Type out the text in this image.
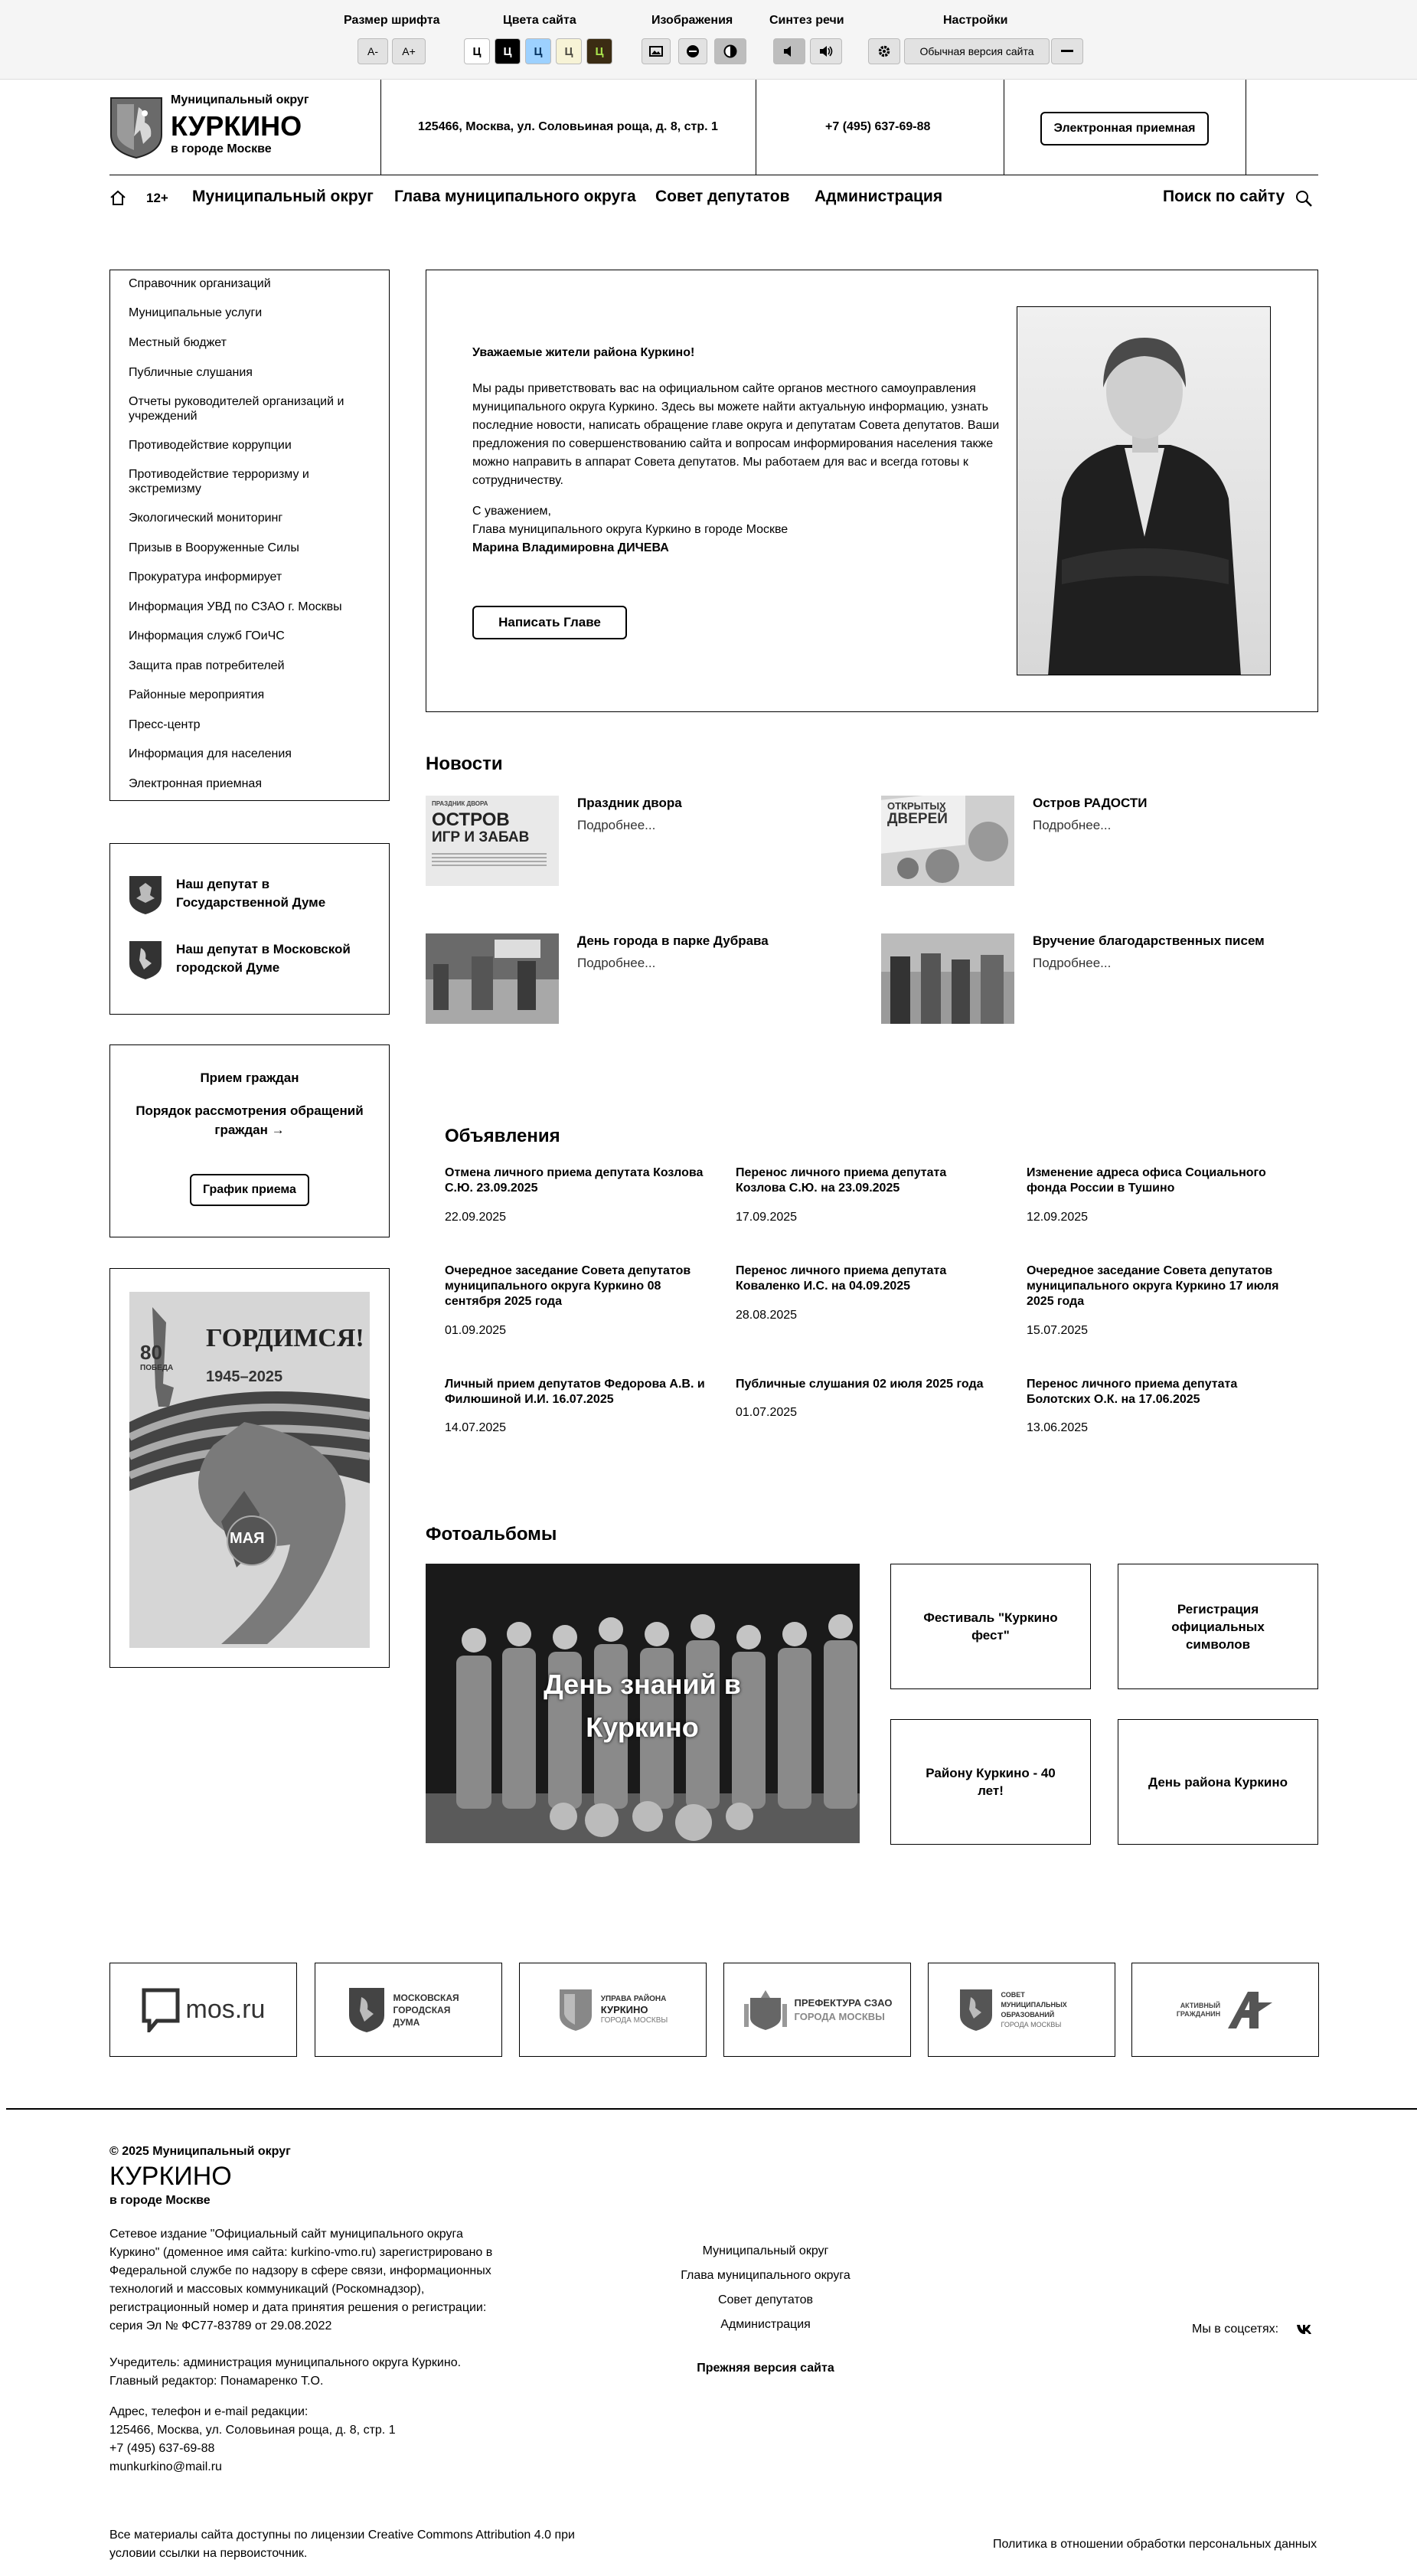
Размер шрифта
А-	А+
Цвета сайта
Ц	Ц	Ц	Ц	Ц
Изображения	Синтез речи	Настройки
Обычная версия сайта
Муниципальный округ
КУРКИНО
в городе Москве
125466, Москва, ул. Соловьиная роща, д. 8, стр. 1	+7 (495) 637-69-88	Электронная приемная
12+ Муниципальный округ Глава муниципального округа Совет депутатов Администрация	Поиск по сайту
Справочник организаций
Муниципальные услуги
Местный бюджет
Публичные слушания
Отчеты руководителей организаций и учреждений
Противодействие коррупции
Противодействие терроризму и экстремизму
Экологический мониторинг
Призыв в Вооруженные Силы
Прокуратура информирует
Информация УВД по СЗАО г. Москвы
Информация служб ГОиЧС
Защита прав потребителей
Районные мероприятия
Пресс-центр
Информация для населения
Электронная приемная
Наш депутат в Государственной Думе
Наш депутат в Московской городской Думе
Прием граждан
Порядок рассмотрения обращений граждан →
График приема
ГОРДИМСЯ!
1945–2025
80
ПОБЕДА
МАЯ
Уважаемые жители района Куркино!
Мы рады приветствовать вас на официальном сайте органов местного самоуправления муниципального округа Куркино. Здесь вы можете найти актуальную информацию, узнать последние новости, написать обращение главе округа и депутатам Совета депутатов. Ваши предложения по совершенствованию сайта и вопросам информирования населения также можно направить в аппарат Совета депутатов. Мы работаем для вас и всегда готовы к сотрудничеству.
С уважением,
Глава муниципального округа Куркино в городе Москве
Марина Владимировна ДИЧЕВА
Написать Главе
Новости
ПРАЗДНИК ДВОРА
ОСТРОВ
ИГР И ЗАБАВ
Праздник двора
Подробнее...
ОТКРЫТЫХ
ДВЕРЕЙ
Остров РАДОСТИ
Подробнее...
День города в парке Дубрава
Подробнее...
Вручение благодарственных писем
Подробнее...
Объявления
Отмена личного приема депутата Козлова С.Ю. 23.09.2025
22.09.2025
Перенос личного приема депутата Козлова С.Ю. на 23.09.2025
17.09.2025
Изменение адреса офиса Социального фонда России в Тушино
12.09.2025
Очередное заседание Совета депутатов муниципального округа Куркино 08 сентября 2025 года
01.09.2025
Перенос личного приема депутата Коваленко И.С. на 04.09.2025
28.08.2025
Очередное заседание Совета депутатов муниципального округа Куркино 17 июля 2025 года
15.07.2025
Личный прием депутатов Федорова А.В. и Филюшиной И.И. 16.07.2025
14.07.2025
Публичные слушания 02 июля 2025 года
01.07.2025
Перенос личного приема депутата Болотских О.К. на 17.06.2025
13.06.2025
Фотоальбомы
День знаний в Куркино
Фестиваль "Куркино фест"
Регистрация официальных символов
Району Куркино - 40 лет!
День района Куркино
mos.ru	МОСКОВСКАЯ ГОРОДСКАЯ ДУМА
УПРАВА РАЙОНА
КУРКИНО
ГОРОДА МОСКВЫ
ПРЕФЕКТУРА СЗАО
ГОРОДА МОСКВЫ
СОВЕТ МУНИЦИПАЛЬНЫХ ОБРАЗОВАНИЙ
ГОРОДА МОСКВЫ
АКТИВНЫЙ
ГРАЖДАНИН
© 2025 Муниципальный округ
КУРКИНО
в городе Москве
Сетевое издание "Официальный сайт муниципального округа Куркино" (доменное имя сайта: kurkino-vmo.ru) зарегистрировано в Федеральной службе по надзору в сфере связи, информационных технологий и массовых коммуникаций (Роскомнадзор), регистрационный номер и дата принятия решения о регистрации: серия Эл № ФС77-83789 от 29.08.2022
Учредитель: администрация муниципального округа Куркино.
Главный редактор: Понамаренко Т.О.
Адрес, телефон и e-mail редакции:
125466, Москва, ул. Соловьиная роща, д. 8, стр. 1
+7 (495) 637-69-88
munkurkino@mail.ru
Муниципальный округ
Глава муниципального округа
Совет депутатов
Администрация
Прежняя версия сайта
Мы в соцсетях:
Все материалы сайта доступны по лицензии Creative Commons Attribution 4.0 при условии ссылки на первоисточник.
Политика в отношении обработки персональных данных
